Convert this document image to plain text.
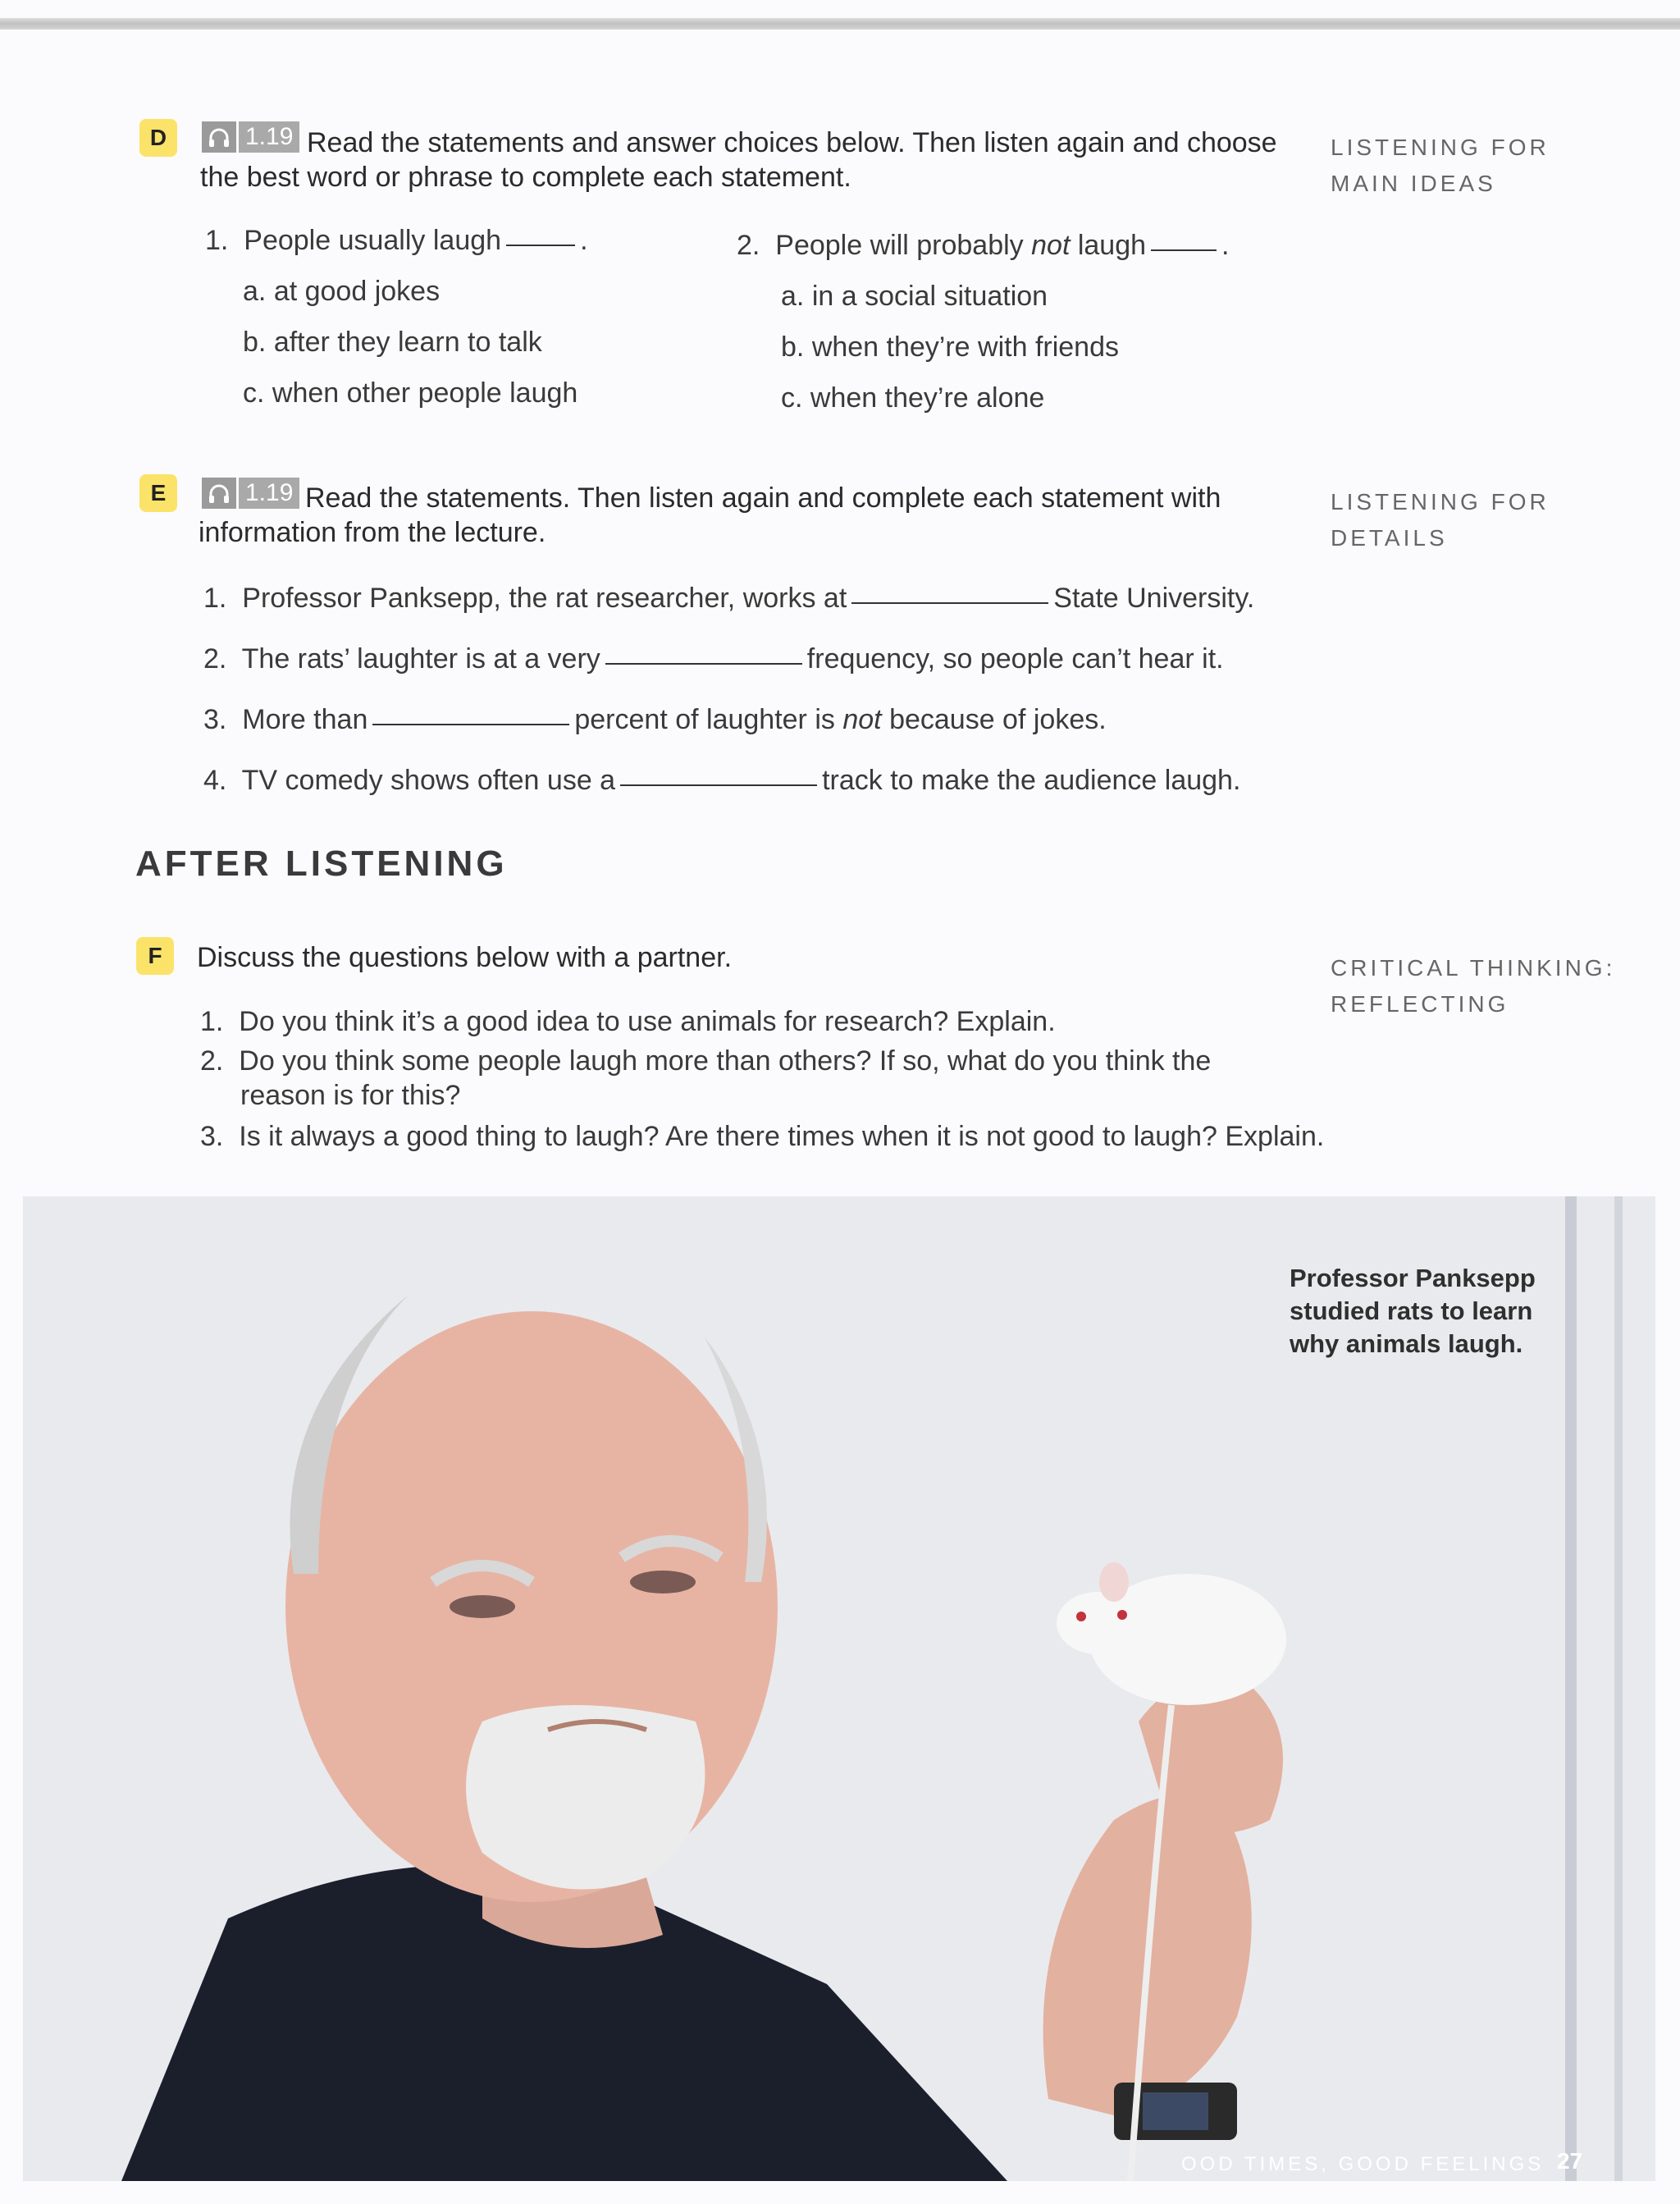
D	1.19 Read the statements and answer choices below. Then listen again and choose the best word or phrase to complete each statement.
LISTENING FOR
MAIN IDEAS
1. People usually laugh	.
a. at good jokes
b. after they learn to talk
c. when other people laugh
2. People will probably not laugh	.
a. in a social situation
b. when they’re with friends
c. when they’re alone
E	1.19 Read the statements. Then listen again and complete each statement with information from the lecture.
LISTENING FOR
DETAILS
1. Professor Panksepp, the rat researcher, works at	State University.
2. The rats’ laughter is at a very	frequency, so people can’t hear it.
3. More than	percent of laughter is not because of jokes.
4. TV comedy shows often use a	track to make the audience laugh.
AFTER LISTENING
F	Discuss the questions below with a partner.	CRITICAL THINKING:
REFLECTING
1. Do you think it’s a good idea to use animals for research? Explain.
2. Do you think some people laugh more than others? If so, what do you think the
reason is for this?
3. Is it always a good thing to laugh? Are there times when it is not good to laugh? Explain.
Professor Panksepp
studied rats to learn
why animals laugh.
OOD TIMES, GOOD FEELINGS 27
